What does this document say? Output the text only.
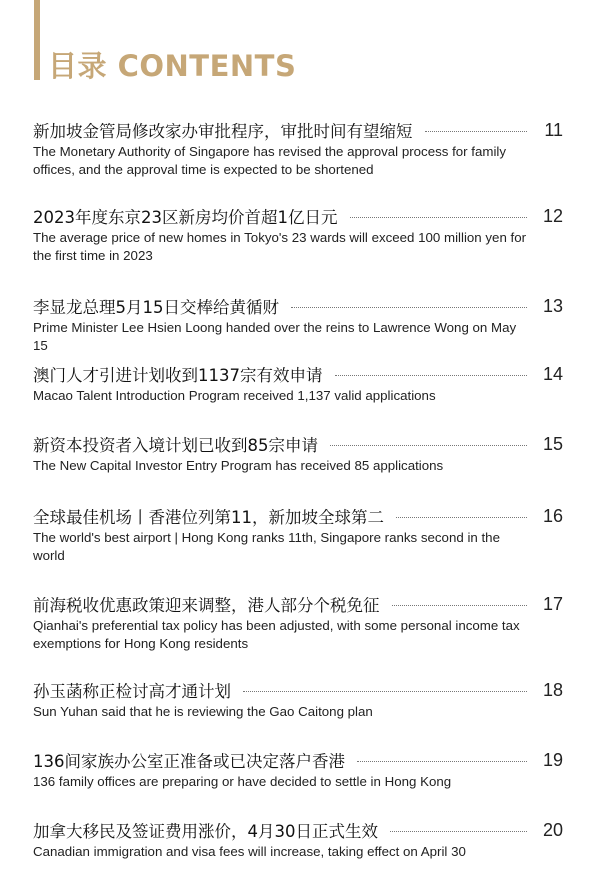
目录 CONTENTS
新加坡金管局修改家办审批程序，审批时间有望缩短	11
The Monetary Authority of Singapore has revised the approval process for family offices, and the approval time is expected to be shortened
2023年度东京23区新房均价首超1亿日元	12
The average price of new homes in Tokyo's 23 wards will exceed 100 million yen for the first time in 2023
李显龙总理5月15日交棒给黄循财	13
Prime Minister Lee Hsien Loong handed over the reins to Lawrence Wong on May 15
澳门人才引进计划收到1137宗有效申请	14
Macao Talent Introduction Program received 1,137 valid applications
新资本投资者入境计划已收到85宗申请	15
The New Capital Investor Entry Program has received 85 applications
全球最佳机场丨香港位列第11，新加坡全球第二	16
The world's best airport | Hong Kong ranks 11th, Singapore ranks second in the world
前海税收优惠政策迎来调整，港人部分个税免征	17
Qianhai's preferential tax policy has been adjusted, with some personal income tax exemptions for Hong Kong residents
孙玉菡称正检讨高才通计划	18
Sun Yuhan said that he is reviewing the Gao Caitong plan
136间家族办公室正准备或已决定落户香港	19
136 family offices are preparing or have decided to settle in Hong Kong
加拿大移民及签证费用涨价，4月30日正式生效	20
Canadian immigration and visa fees will increase, taking effect on April 30
